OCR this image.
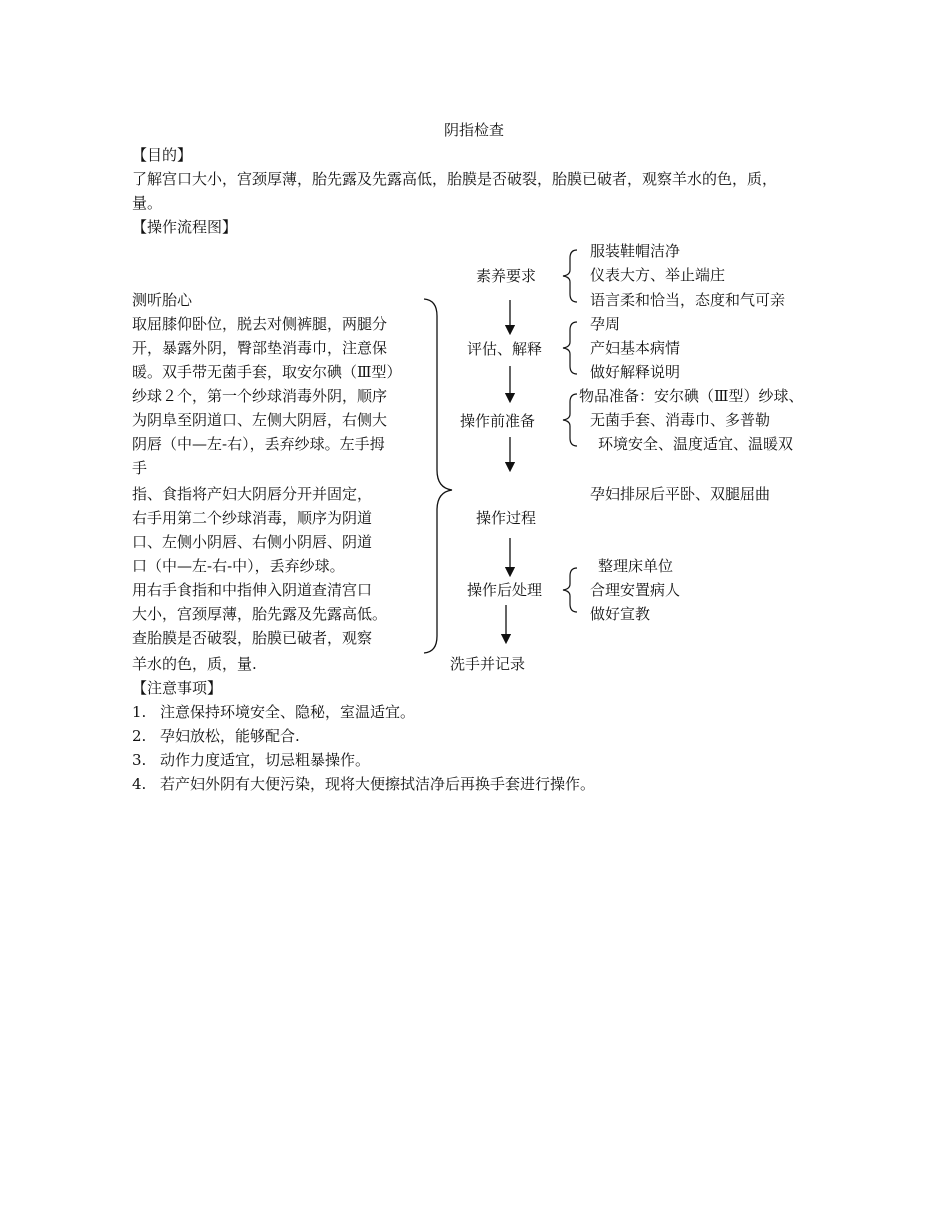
阴指检查
【目的】
了解宫口大小，宫颈厚薄，胎先露及先露高低，胎膜是否破裂，胎膜已破者，观察羊水的色，质，
量。
【操作流程图】
测听胎心
取屈膝仰卧位，脱去对侧裤腿，两腿分
开，暴露外阴，臀部垫消毒巾，注意保
暖。双手带无菌手套，取安尔碘（Ⅲ型）
纱球２个，第一个纱球消毒外阴，顺序
为阴阜至阴道口、左侧大阴唇，右侧大
阴唇（中—左-右），丢弃纱球。左手拇
手
指、食指将产妇大阴唇分开并固定，
右手用第二个纱球消毒，顺序为阴道
口、左侧小阴唇、右侧小阴唇、阴道
口（中—左-右-中），丢弃纱球。
用右手食指和中指伸入阴道查清宫口
大小，宫颈厚薄，胎先露及先露高低。
查胎膜是否破裂，胎膜已破者，观察
羊水的色，质，量.
素养要求
评估、解释
操作前准备
操作过程
操作后处理
洗手并记录
服装鞋帽洁净
仪表大方、举止端庄
语言柔和恰当，态度和气可亲
孕周
产妇基本病情
做好解释说明
物品准备：安尔碘（Ⅲ型）纱球、
无菌手套、消毒巾、多普勒
环境安全、温度适宜、温暖双
孕妇排尿后平卧、双腿屈曲
整理床单位
合理安置病人
做好宣教
【注意事项】
1. 注意保持环境安全、隐秘，室温适宜。
2. 孕妇放松，能够配合.
3. 动作力度适宜，切忌粗暴操作。
4. 若产妇外阴有大便污染，现将大便擦拭洁净后再换手套进行操作。
